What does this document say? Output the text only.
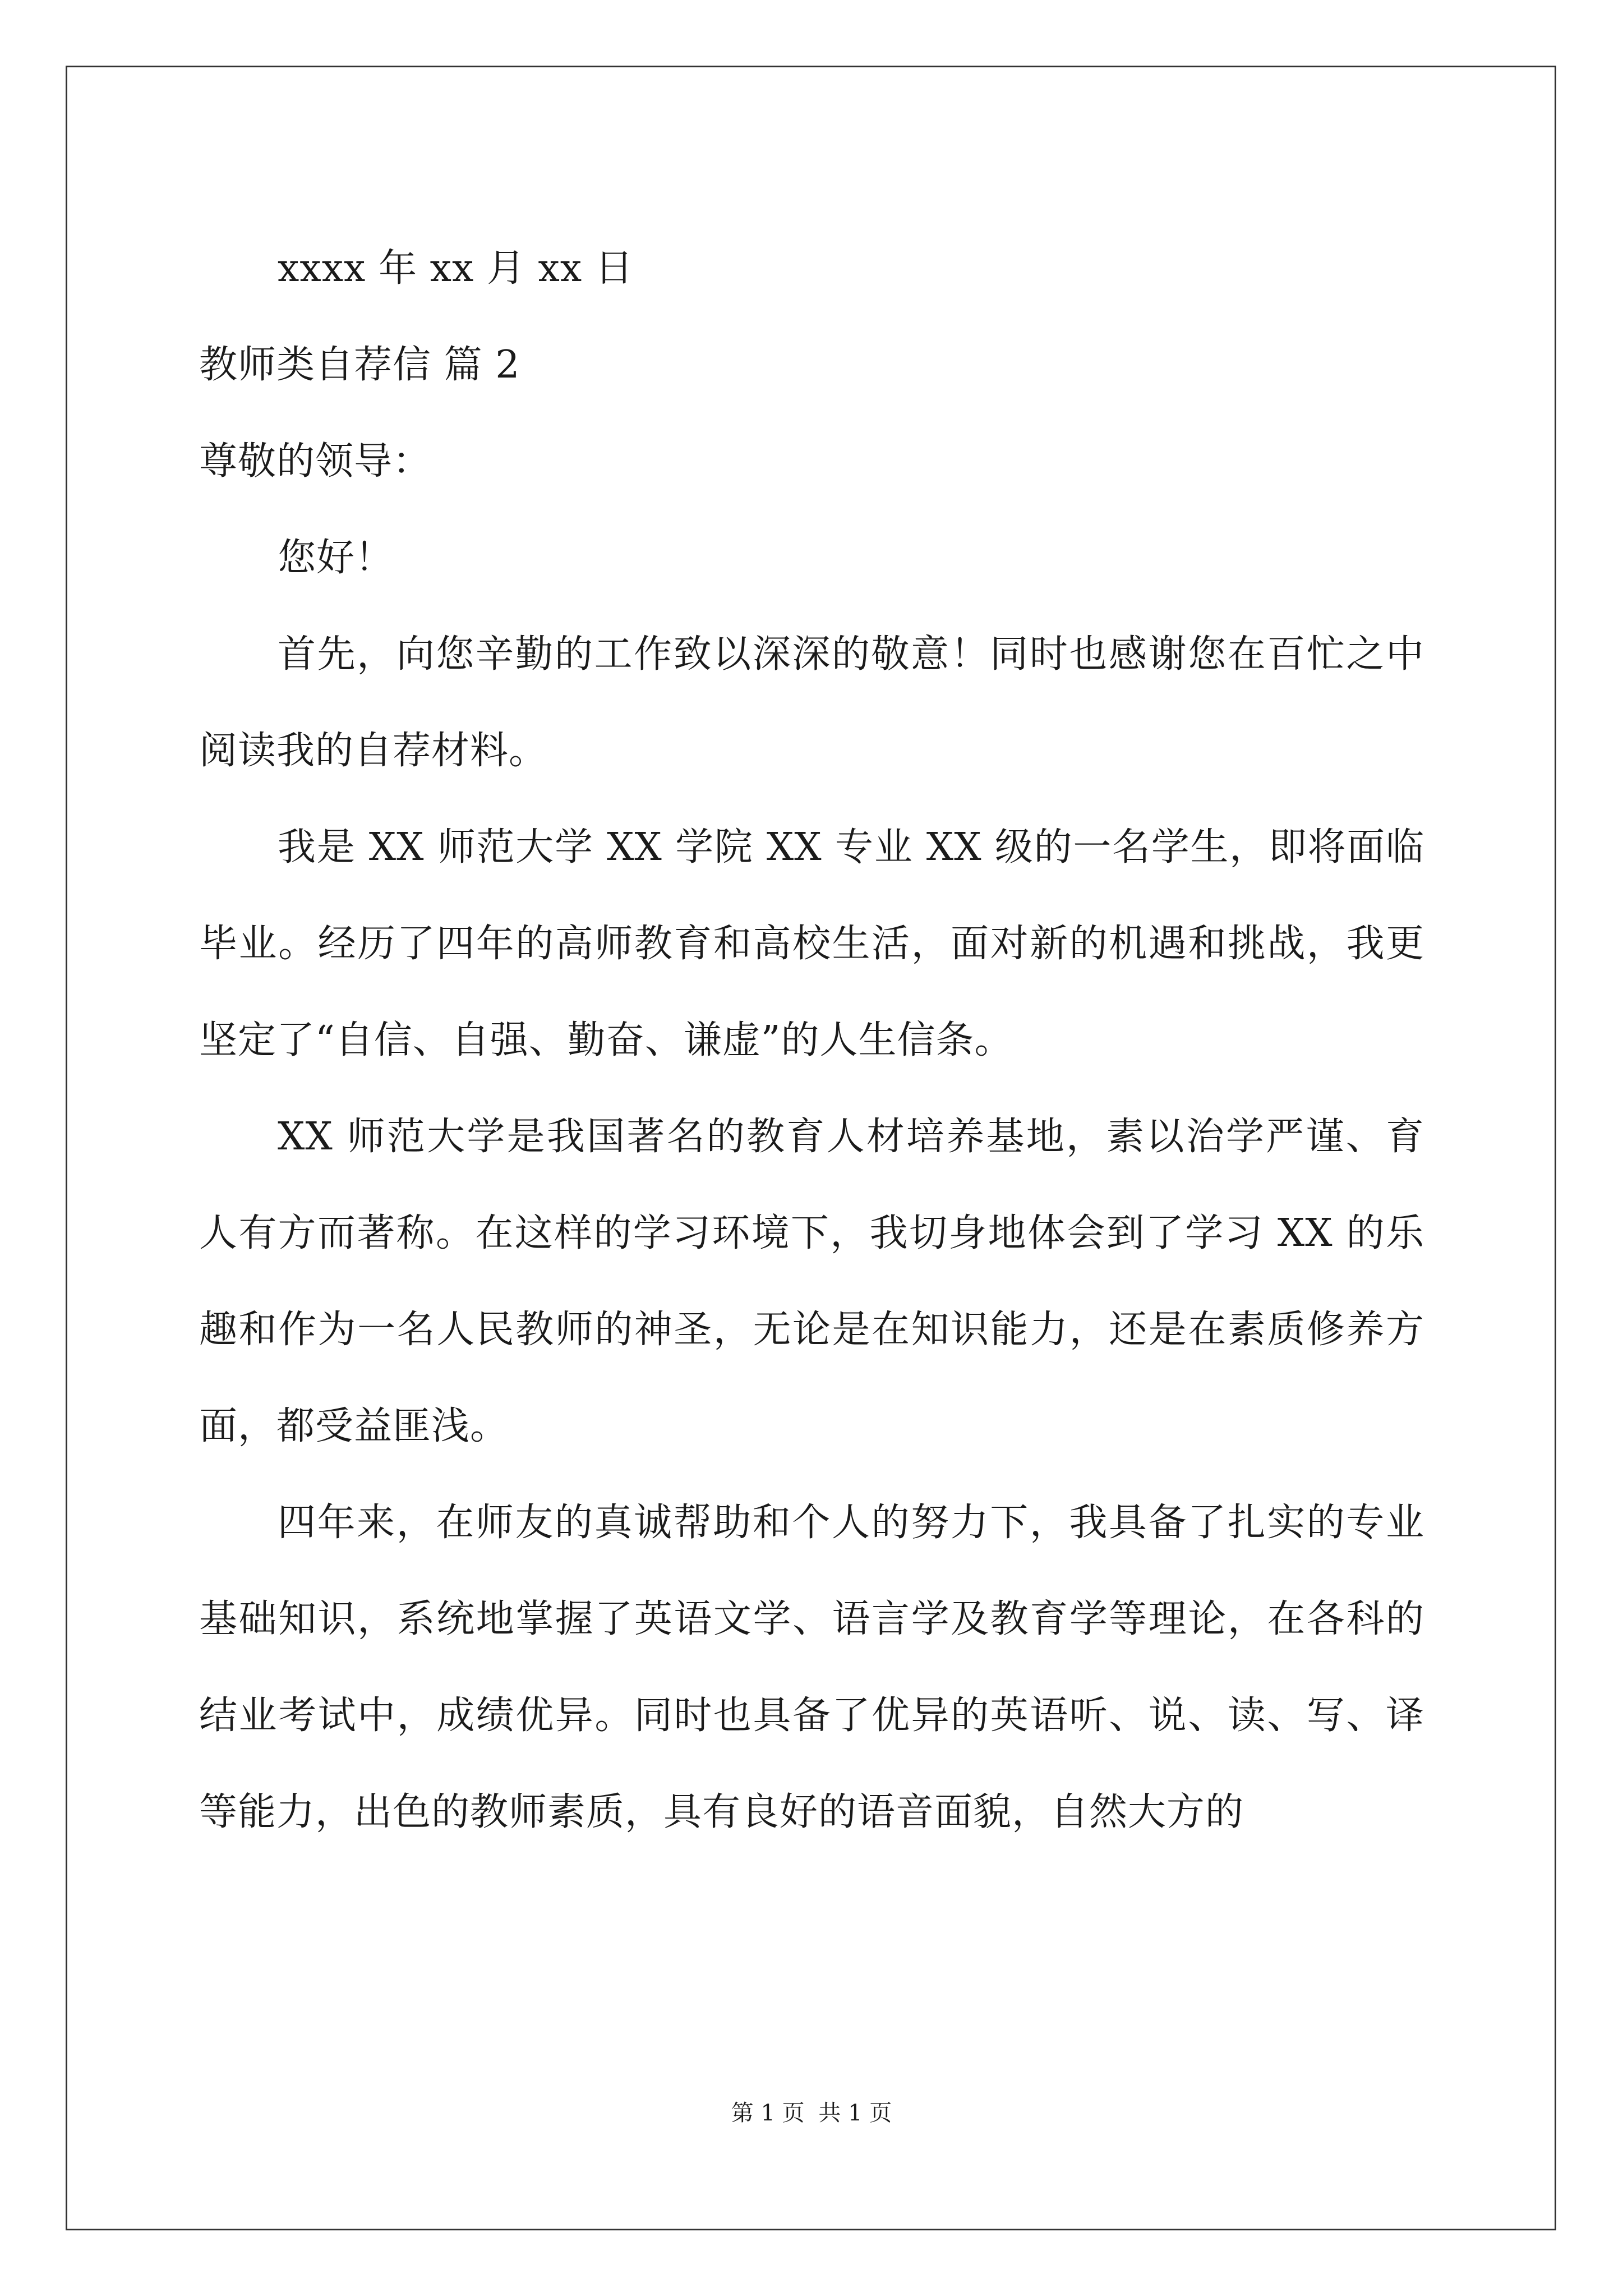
xxxx 年 xx 月 xx 日
教师类自荐信 篇 2
尊敬的领导：
您好！
首先，向您辛勤的工作致以深深的敬意！同时也感谢您在百忙之中阅读我的自荐材料。
我是 XX 师范大学 XX 学院 XX 专业 XX 级的一名学生，即将面临毕业。经历了四年的高师教育和高校生活，面对新的机遇和挑战，我更坚定了“自信、自强、勤奋、谦虚”的人生信条。
XX 师范大学是我国著名的教育人材培养基地，素以治学严谨、育人有方而著称。在这样的学习环境下，我切身地体会到了学习 XX 的乐趣和作为一名人民教师的神圣，无论是在知识能力，还是在素质修养方面，都受益匪浅。
四年来，在师友的真诚帮助和个人的努力下，我具备了扎实的专业基础知识，系统地掌握了英语文学、语言学及教育学等理论，在各科的结业考试中，成绩优异。同时也具备了优异的英语听、说、读、写、译等能力，出色的教师素质，具有良好的语音面貌，自然大方的
第 1 页 共 1 页
